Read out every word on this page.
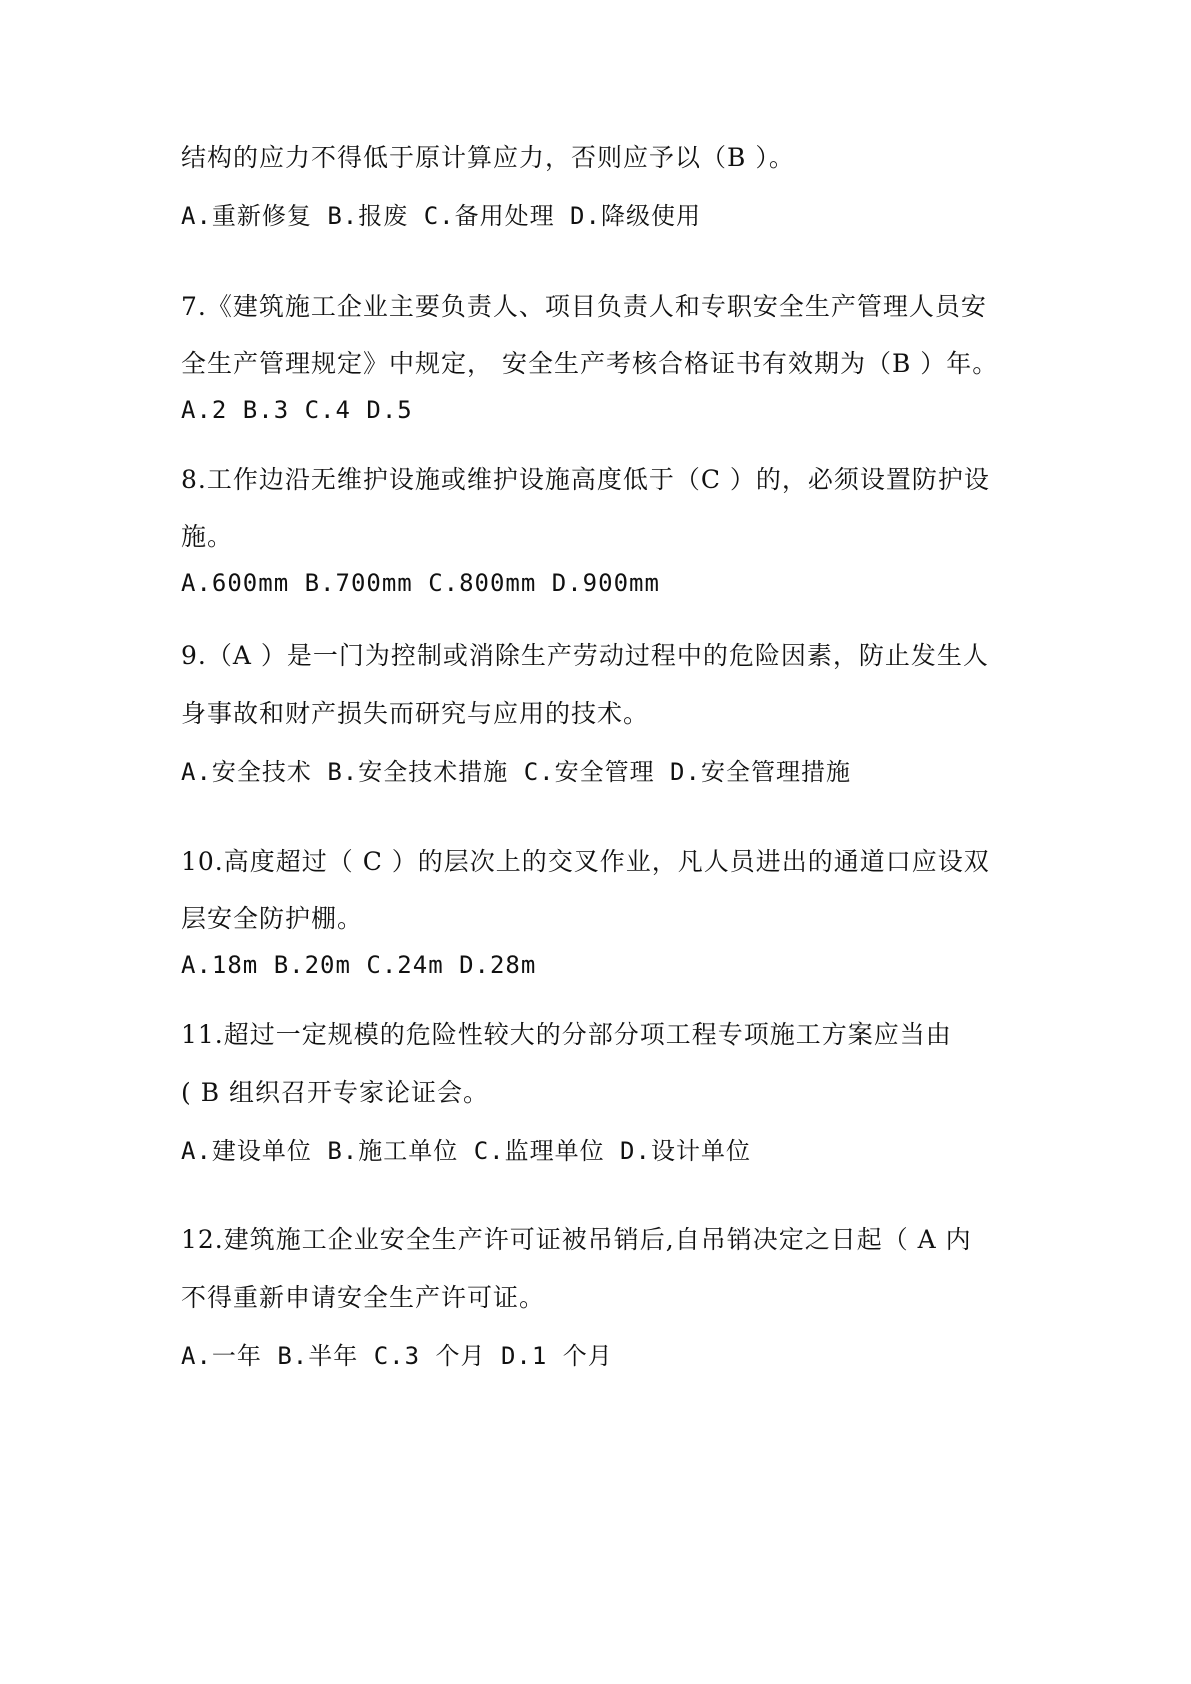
结构的应力不得低于原计算应力，否则应予以（B ）。
A.重新修复 B.报废 C.备用处理 D.降级使用
7.《建筑施工企业主要负责人、项目负责人和专职安全生产管理人员安
全生产管理规定》中规定， 安全生产考核合格证书有效期为（B ）年。
A.2 B.3 C.4 D.5
8.工作边沿无维护设施或维护设施高度低于（C ）的，必须设置防护设
施。
A.600mm B.700mm C.800mm D.900mm
9.（A ）是一门为控制或消除生产劳动过程中的危险因素，防止发生人
身事故和财产损失而研究与应用的技术。
A.安全技术 B.安全技术措施 C.安全管理 D.安全管理措施
10.高度超过（ C ）的层次上的交叉作业，凡人员进出的通道口应设双
层安全防护棚。
A.18m B.20m C.24m D.28m
11.超过一定规模的危险性较大的分部分项工程专项施工方案应当由
( B 组织召开专家论证会。
A.建设单位 B.施工单位 C.监理单位 D.设计单位
12.建筑施工企业安全生产许可证被吊销后,自吊销决定之日起（ A 内
不得重新申请安全生产许可证。
A.一年 B.半年 C.3 个月 D.1 个月
